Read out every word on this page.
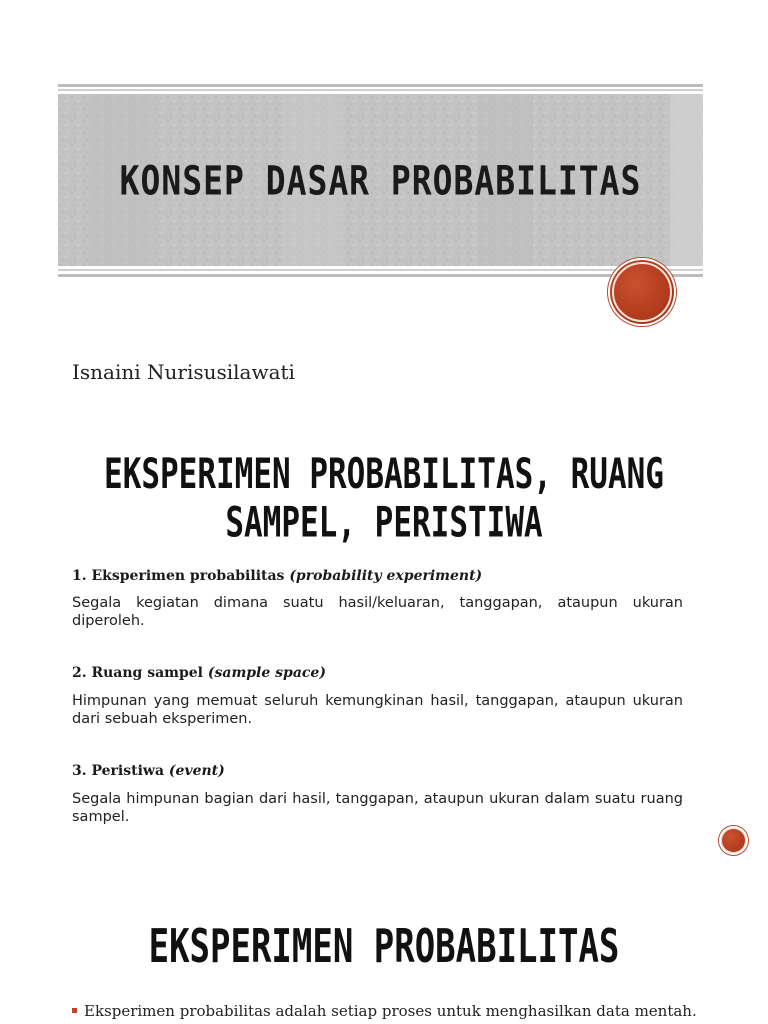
KONSEP DASAR PROBABILITAS
Isnaini Nurisusilawati
EKSPERIMEN PROBABILITAS, RUANG
SAMPEL, PERISTIWA
1. Eksperimen probabilitas (probability experiment)
Segala kegiatan dimana suatu hasil/keluaran, tanggapan, ataupun ukuran diperoleh.
2. Ruang sampel (sample space)
Himpunan yang memuat seluruh kemungkinan hasil, tanggapan, ataupun ukuran dari sebuah eksperimen.
3. Peristiwa (event)
Segala himpunan bagian dari hasil, tanggapan, ataupun ukuran dalam suatu ruang sampel.
EKSPERIMEN PROBABILITAS
Eksperimen probabilitas adalah setiap proses untuk menghasilkan data mentah.
